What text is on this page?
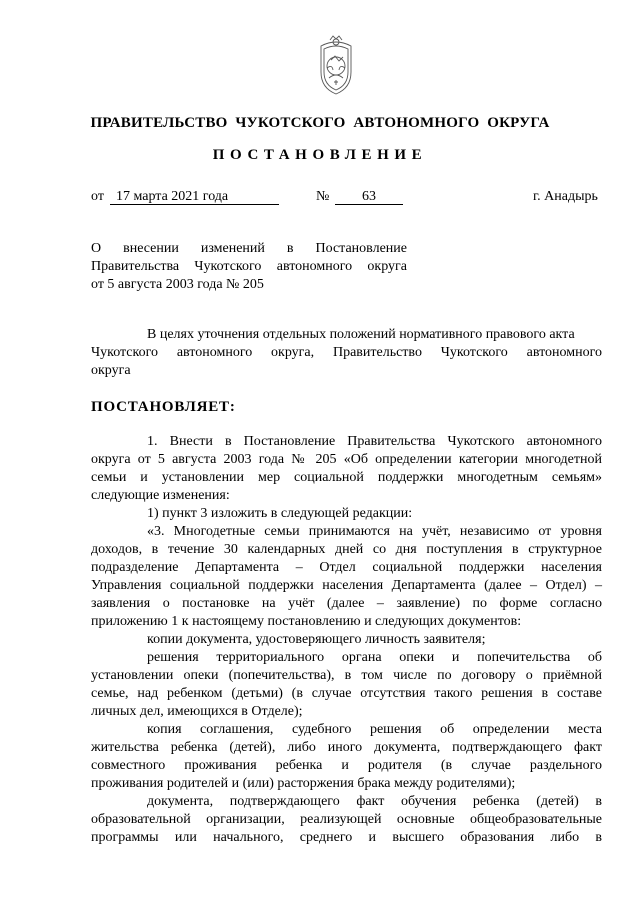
ПРАВИТЕЛЬСТВО  ЧУКОТСКОГО  АВТОНОМНОГО  ОКРУГА
ПОСТАНОВЛЕНИЕ
от 17 марта 2021 года	№	63	г. Анадырь
О внесении изменений в Постановление
Правительства Чукотского автономного округа
от 5 августа 2003 года № 205
В целях уточнения отдельных положений нормативного правового акта
Чукотского автономного округа, Правительство Чукотского автономного
округа
ПОСТАНОВЛЯЕТ:
1. Внести в Постановление Правительства Чукотского автономного
округа от 5 августа 2003 года № 205 «Об определении категории многодетной
семьи и установлении мер социальной поддержки многодетным семьям»
следующие изменения:
1) пункт 3 изложить в следующей редакции:
«3. Многодетные семьи принимаются на учёт, независимо от уровня
доходов, в течение 30 календарных дней со дня поступления в структурное
подразделение Департамента – Отдел социальной поддержки населения
Управления социальной поддержки населения Департамента (далее – Отдел) –
заявления о постановке на учёт (далее – заявление) по форме согласно
приложению 1 к настоящему постановлению и следующих документов:
копии документа, удостоверяющего личность заявителя;
решения территориального органа опеки и попечительства об
установлении опеки (попечительства), в том числе по договору о приёмной
семье, над ребенком (детьми) (в случае отсутствия такого решения в составе
личных дел, имеющихся в Отделе);
копия соглашения, судебного решения об определении места
жительства ребенка (детей), либо иного документа, подтверждающего факт
совместного проживания ребенка и родителя (в случае раздельного
проживания родителей и (или) расторжения брака между родителями);
документа, подтверждающего факт обучения ребенка (детей) в
образовательной организации, реализующей основные общеобразовательные
программы или начального, среднего и высшего образования либо в
